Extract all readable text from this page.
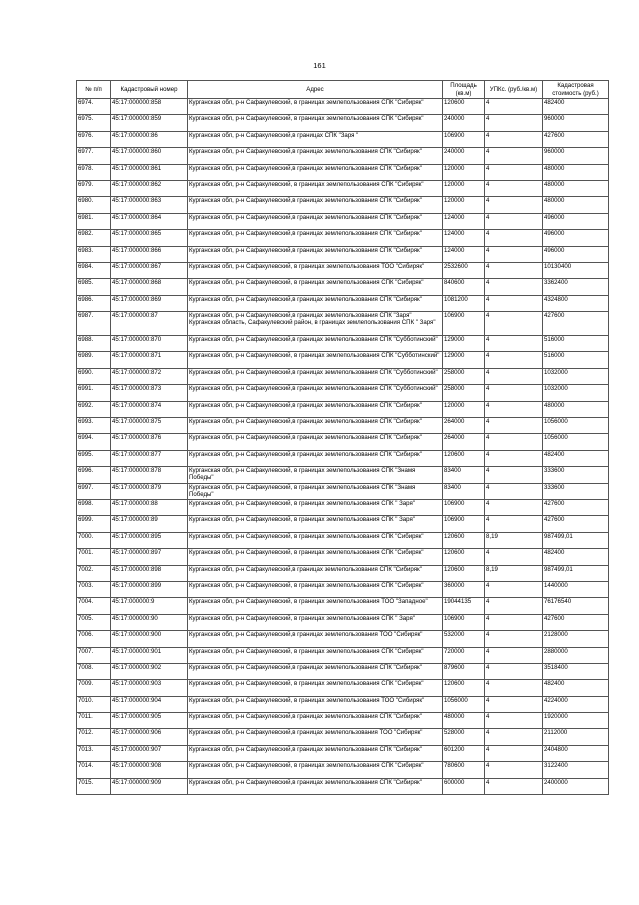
161
№ п/п	Кадастровый номер	Адрес	Площадь (кв.м)	УПКс. (руб./кв.м)	Кадастровая стоимость (руб.)
6974.	45:17:000000:858	Курганская обл, р-н Сафакулевский, в границах землепользования СПК "Сибиряк"	120600	4	482400
6975.	45:17:000000:859	Курганская обл, р-н Сафакулевский, в границах землепользования СПК "Сибиряк"	240000	4	960000
6976.	45:17:000000:86	Курганская обл, р-н Сафакулевский,в границах СПК "Заря "	106900	4	427600
6977.	45:17:000000:860	Курганская обл, р-н Сафакулевский,в границах землепользования СПК "Сибиряк"	240000	4	960000
6978.	45:17:000000:861	Курганская обл, р-н Сафакулевский,в границах землепользования СПК "Сибиряк"	120000	4	480000
6979.	45:17:000000:862	Курганская обл, р-н Сафакулевский, в границах землепользования СПК "Сибиряк"	120000	4	480000
6980.	45:17:000000:863	Курганская обл, р-н Сафакулевский,в границах землепользования СПК "Сибиряк"	120000	4	480000
6981.	45:17:000000:864	Курганская обл, р-н Сафакулевский,в границах землепользования СПК "Сибиряк"	124000	4	496000
6982.	45:17:000000:865	Курганская обл, р-н Сафакулевский,в границах землепользования СПК "Сибиряк"	124000	4	496000
6983.	45:17:000000:866	Курганская обл, р-н Сафакулевский,в границах землепользования СПК "Сибиряк"	124000	4	496000
6984.	45:17:000000:867	Курганская обл, р-н Сафакулевский, в границах землепользования ТОО "Сибиряк"	2532600	4	10130400
6985.	45:17:000000:868	Курганская обл, р-н Сафакулевский, в границах землепользования СПК "Сибиряк"	840600	4	3362400
6986.	45:17:000000:869	Курганская обл, р-н Сафакулевский,в границах землепользования СПК "Сибиряк"	1081200	4	4324800
6987.	45:17:000000:87	Курганская обл, р-н Сафакулевский,в границах землепользования СПК "Заря" Курганская область, Сафакулевский район, в границах землепользования СПК " Заря"	106900	4	427600
6988.	45:17:000000:870	Курганская обл, р-н Сафакулевский,в границах землепользования СПК "Субботинский"	129000	4	516000
6989.	45:17:000000:871	Курганская обл, р-н Сафакулевский, в границах землепользования СПК "Субботинский"	129000	4	516000
6990.	45:17:000000:872	Курганская обл, р-н Сафакулевский,в границах землепользования СПК "Субботинский"	258000	4	1032000
6991.	45:17:000000:873	Курганская обл, р-н Сафакулевский,в границах землепользования СПК "Субботинский"	258000	4	1032000
6992.	45:17:000000:874	Курганская обл, р-н Сафакулевский,в границах землепользования СПК "Сибиряк"	120000	4	480000
6993.	45:17:000000:875	Курганская обл, р-н Сафакулевский,в границах землепользования СПК "Сибиряк"	264000	4	1056000
6994.	45:17:000000:876	Курганская обл, р-н Сафакулевский,в границах землепользования СПК "Сибиряк"	264000	4	1056000
6995.	45:17:000000:877	Курганская обл, р-н Сафакулевский,в границах землепользования СПК "Сибиряк"	120600	4	482400
6996.	45:17:000000:878	Курганская обл, р-н Сафакулевский, в границах землепользования СПК "Знамя Победы"	83400	4	333600
6997.	45:17:000000:879	Курганская обл, р-н Сафакулевский, в границах землепользования СПК "Знамя Победы"	83400	4	333600
6998.	45:17:000000:88	Курганская обл, р-н Сафакулевский, в границах землепользования СПК " Заря"	106900	4	427600
6999.	45:17:000000:89	Курганская обл, р-н Сафакулевский, в границах землепользования СПК " Заря"	106900	4	427600
7000.	45:17:000000:895	Курганская обл, р-н Сафакулевский, в границах землепользования СПК "Сибиряк"	120600	8,19	987499,01
7001.	45:17:000000:897	Курганская обл, р-н Сафакулевский, в границах землепользования СПК "Сибиряк"	120600	4	482400
7002.	45:17:000000:898	Курганская обл, р-н Сафакулевский,в границах землепользования СПК "Сибиряк"	120600	8,19	987499,01
7003.	45:17:000000:899	Курганская обл, р-н Сафакулевский, в границах землепользования СПК "Сибиряк"	360000	4	1440000
7004.	45:17:000000:9	Курганская обл, р-н Сафакулевский, в границах землепользования ТОО "Западное"	19044135	4	76176540
7005.	45:17:000000:90	Курганская обл, р-н Сафакулевский, в границах землепользования СПК " Заря"	106900	4	427600
7006.	45:17:000000:900	Курганская обл, р-н Сафакулевский,в границах землепользования ТОО "Сибиряк"	532000	4	2128000
7007.	45:17:000000:901	Курганская обл, р-н Сафакулевский, в границах землепользования СПК "Сибиряк"	720000	4	2880000
7008.	45:17:000000:902	Курганская обл, р-н Сафакулевский,в границах землепользования СПК "Сибиряк"	879600	4	3518400
7009.	45:17:000000:903	Курганская обл, р-н Сафакулевский, в границах землепользования СПК "Сибиряк"	120600	4	482400
7010.	45:17:000000:904	Курганская обл, р-н Сафакулевский, в границах землепользования ТОО "Сибиряк"	1056000	4	4224000
7011.	45:17:000000:905	Курганская обл, р-н Сафакулевский,в границах землепользования СПК "Сибиряк"	480000	4	1920000
7012.	45:17:000000:906	Курганская обл, р-н Сафакулевский,в границах землепользования ТОО "Сибиряк"	528000	4	2112000
7013.	45:17:000000:907	Курганская обл, р-н Сафакулевский,в границах землепользования СПК "Сибиряк"	601200	4	2404800
7014.	45:17:000000:908	Курганская обл, р-н Сафакулевский, в границах землепользования СПК "Сибиряк"	780600	4	3122400
7015.	45:17:000000:909	Курганская обл, р-н Сафакулевский,в границах землепользования СПК "Сибиряк"	600000	4	2400000
